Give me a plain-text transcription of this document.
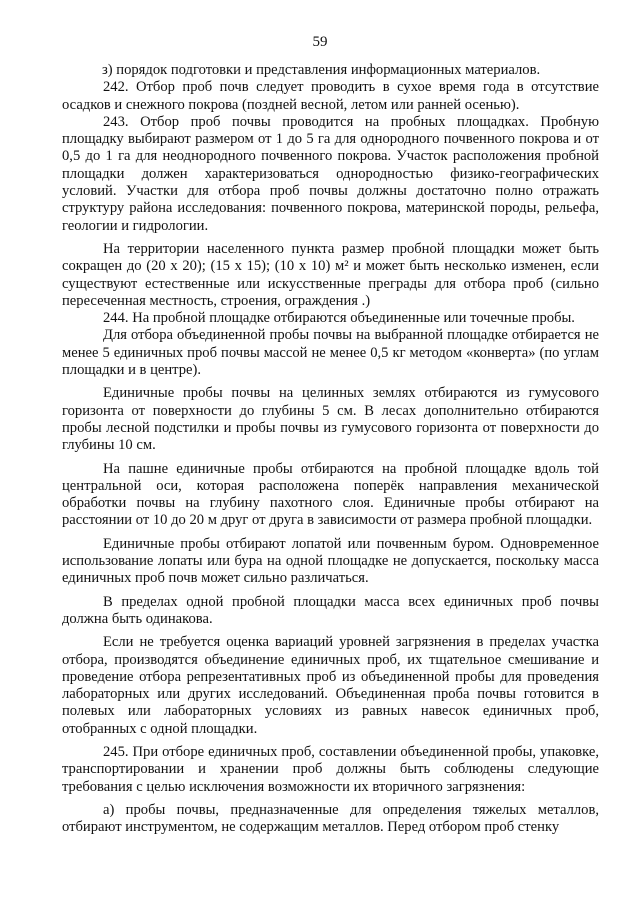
59

з) порядок подготовки и представления информационных материалов.

242. Отбор проб почв следует проводить в сухое время года в отсутствие осадков и снежного покрова (поздней весной, летом или ранней осенью).

243. Отбор проб почвы проводится на пробных площадках. Пробную площадку выбирают размером от 1 до 5 га для однородного почвенного покрова и от 0,5 до 1 га для неоднородного почвенного покрова. Участок расположения пробной площадки должен характеризоваться однородностью физико-географических условий. Участки для отбора проб почвы должны достаточно полно отражать структуру района исследования: почвенного покрова, материнской породы, рельефа, геологии и гидрологии.

На территории населенного пункта размер пробной площадки может быть сокращен до (20 х 20); (15 х 15); (10 х 10) м² и может быть несколько изменен, если существуют естественные или искусственные преграды для отбора проб (сильно пересеченная местность, строения, ограждения .)

244. На пробной площадке отбираются объединенные или точечные пробы.

Для отбора объединенной пробы почвы на выбранной площадке отбирается не менее 5 единичных проб почвы массой не менее 0,5 кг методом «конверта» (по углам площадки и в центре).

Единичные пробы почвы на целинных землях отбираются из гумусового горизонта от поверхности до глубины 5 см. В лесах дополнительно отбираются пробы лесной подстилки и пробы почвы из гумусового горизонта от поверхности до глубины 10 см.

На пашне единичные пробы отбираются на пробной площадке вдоль той центральной оси, которая расположена поперёк направления механической обработки почвы на глубину пахотного слоя. Единичные пробы отбирают на расстоянии от 10 до 20 м друг от друга в зависимости от размера пробной площадки.

Единичные пробы отбирают лопатой или почвенным буром. Одновременное использование лопаты или бура на одной площадке не допускается, поскольку масса единичных проб почв может сильно различаться.

В пределах одной пробной площадки масса всех единичных проб почвы должна быть одинакова.

Если не требуется оценка вариаций уровней загрязнения в пределах участка отбора, производятся объединение единичных проб, их тщательное смешивание и проведение отбора репрезентативных проб из объединенной пробы для проведения лабораторных или других исследований. Объединенная проба почвы готовится в полевых или лабораторных условиях из равных навесок единичных проб, отобранных с одной площадки.

245. При отборе единичных проб, составлении объединенной пробы, упаковке, транспортировании и хранении проб должны быть соблюдены следующие требования с целью исключения возможности их вторичного загрязнения:

а) пробы почвы, предназначенные для определения тяжелых металлов, отбирают инструментом, не содержащим металлов. Перед отбором проб стенку
